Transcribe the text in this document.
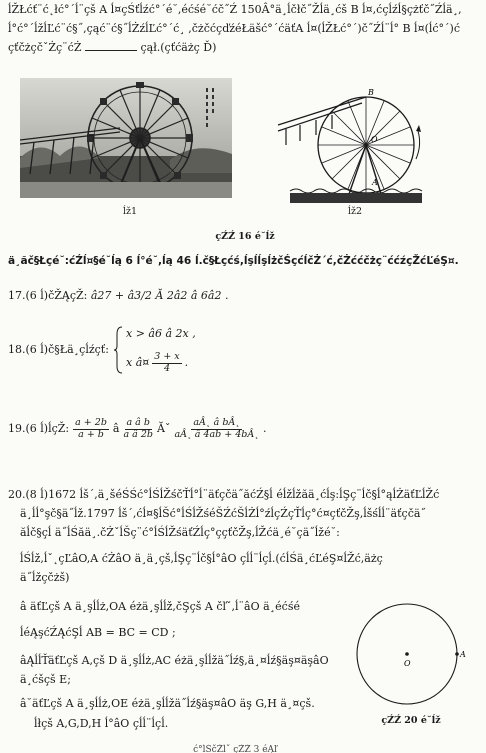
ĺŽŁćť¨ć˛łć°´ĺ¨çš A ĺ¤çŚťĺźć°´é˘,éćśé˘ćč˝Ź 150Â°ä¸ĺčłč˝Žĺä¸ćš B ĺ¤,ćçĺźĺ§çżťč˝Źĺä¸,
ĺ°ć°´ĺžĺĽć¨ć§˝,çąć¨ć§˝ĺŻźĺĽć°´ć¸ ,čżčćçďźéŁäšć°´ćäťA ĺ¤(ĺŽŁć°´)č˝Źĺ¨ĺ° B ĺ¤(ĺć°´)ć
çťčżçčˇŻç¨ćŻ	çął.(çťćäżç Ď)
ĺž1
B
O
A
ĺž2
çŹŹ 16 é˘ĺž
ä¸ăč§Łçé˘:ćŹĺ¤§é˘ĺą 6 ĺ°é˘,ĺą 46 ĺ.č§Łçćś,ĺşĺĺşĺżčŚçćĺčŻ´ć,čŻććčżç¨ććźçŽćĽéŞ¤.
17.(6 ĺ)čŽĄçŽ: â27 + â3/2 Ă 2â2 â 6â2 .
18.(6 ĺ)č§Łä¸çĺźçť:
x > â6 â 2x ,
x â¤ $\frac{3 + x}{4}$ .
19.(6 ĺ)ĺçŽ: $\frac{a + 2b}{a + b}$ â $\frac{\text{a â b}}{\text{a â 2b}}$ Ăˇ $\frac{\text{aÂ˛ â bÂ˛}}{aÂ˛ â 4ab + 4bÂ˛}$ .
20.(8 ĺ)1672 ĺš´,ä¸šéŚŚć°ĺŚĺŽśčŤĺ°ĺ¨äťçčä˝ăćŹ§ĺ éĺžĺžăä¸ćĺş:ĺŞç¨ĺč§ĺ°ąĺŻäťĽĺŽć
ä¸ĺĺ°şč§ä˝ĺž.1797 ĺš´,ćĺ¤§ĺŠć°ĺŚĺŽśéŠŹćŠĺŻĺ°źĺçŹçŤĺç°ć¤çťčŽş,ĺšśĺĺ¨äťçčä˝
ăĺč§çĺ ä˝ĺŚăä¸.čŻˇĺŠç¨ć°ĺŚĺŽśäťŹĺç°ççťčŽş,ĺŽćä¸é˘çä˝ĺžé˘:
ĺŚĺž,ĺˇ˛çĽâO,A ćŻâO ä¸ä¸çš,ĺŞç¨ĺč§ĺ°âO çĺĺ¨ĺçĺ.(ćĺŚä¸ćĽéŞ¤ĺŽć,äżç
ä˝ĺžçčżš)
â äťĽçš A ä¸şĺĺż,OA éżä¸şĺĺž,čŞçš A čľˇ,ĺ¨âO ä¸éćśé
ĺéĄşćŹĄćŞĺ AB = BC = CD ;
âĄĺĺŤäťĽçš A,çš D ä¸şĺĺż,AC éżä¸şĺĺžä˝ĺź§,ä¸¤ĺź§äş¤äşâO
ä¸ćšçš E;
â˘äťĽçš A ä¸şĺĺż,OE éżä¸şĺĺžä˝ĺź§äş¤âO äş G,H ä¸¤çš.
ĺłçš A,G,D,H ĺ°âO çĺĺ¨ĺçĺ.
O
A
çŹŹ 20 é˘ĺž
ć°ĺŚčŻĺˇ çŹŹ 3 éĄľ
